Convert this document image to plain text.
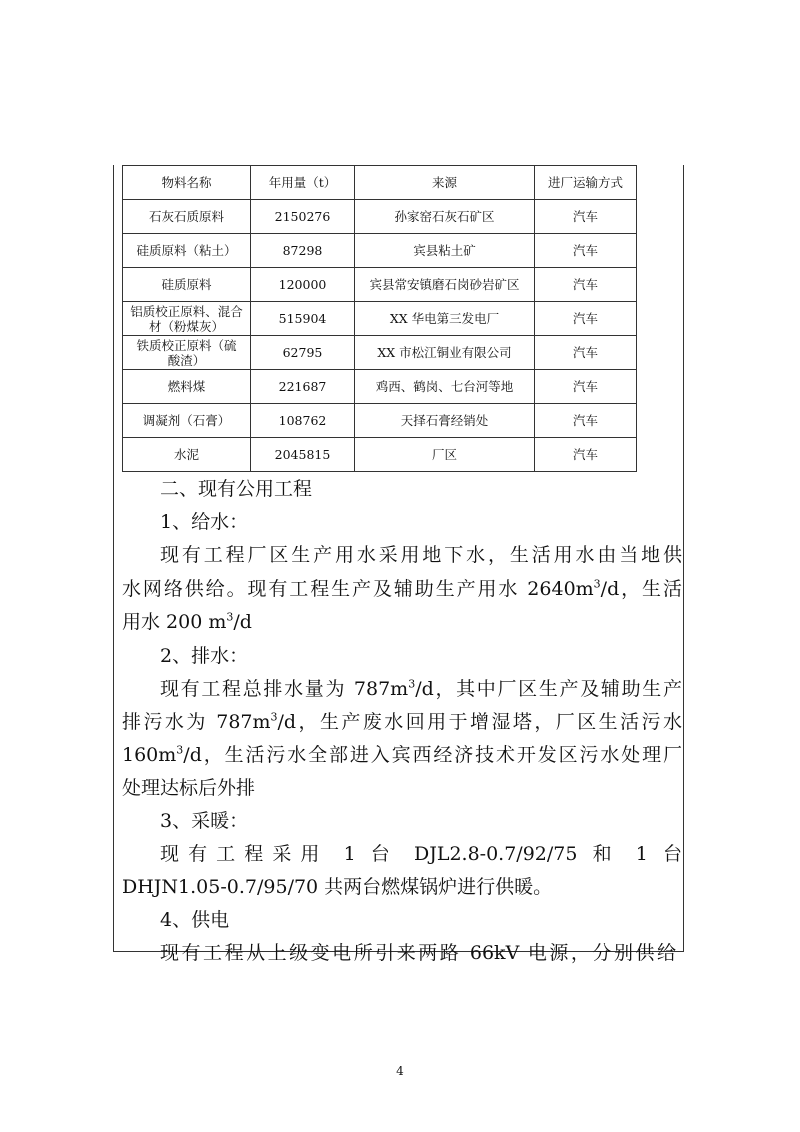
物料名称	年用量（t）	来源	进厂运输方式
石灰石质原料	2150276	孙家窑石灰石矿区	汽车
硅质原料（粘土）	87298	宾县粘土矿	汽车
硅质原料	120000	宾县常安镇磨石岗砂岩矿区	汽车
铝质校正原料、混合材（粉煤灰）	515904	XX 华电第三发电厂	汽车
铁质校正原料（硫酸渣）	62795	XX 市松江铜业有限公司	汽车
燃料煤	221687	鸡西、鹤岗、七台河等地	汽车
调凝剂（石膏）	108762	天择石膏经销处	汽车
水泥	2045815	厂区	汽车
二、现有公用工程
1、给水：
现有工程厂区生产用水采用地下水，生活用水由当地供
水网络供给。现有工程生产及辅助生产用水 $2640m^3/d$，生活
用水 200 $m^3/d$
2、排水：
现有工程总排水量为 $787m^3/d$，其中厂区生产及辅助生产
排污水为 $787m^3/d$，生产废水回用于增湿塔，厂区生活污水
$160m^3/d$，生活污水全部进入宾西经济技术开发区污水处理厂
处理达标后外排
3、采暖：
现有工程采用 1 台 DJL2.8-0.7/92/75 和 1 台
DHJN1.05-0.7/95/70 共两台燃煤锅炉进行供暖。
4、供电
现有工程从上级变电所引来两路 66kV 电源，分别供给
4
